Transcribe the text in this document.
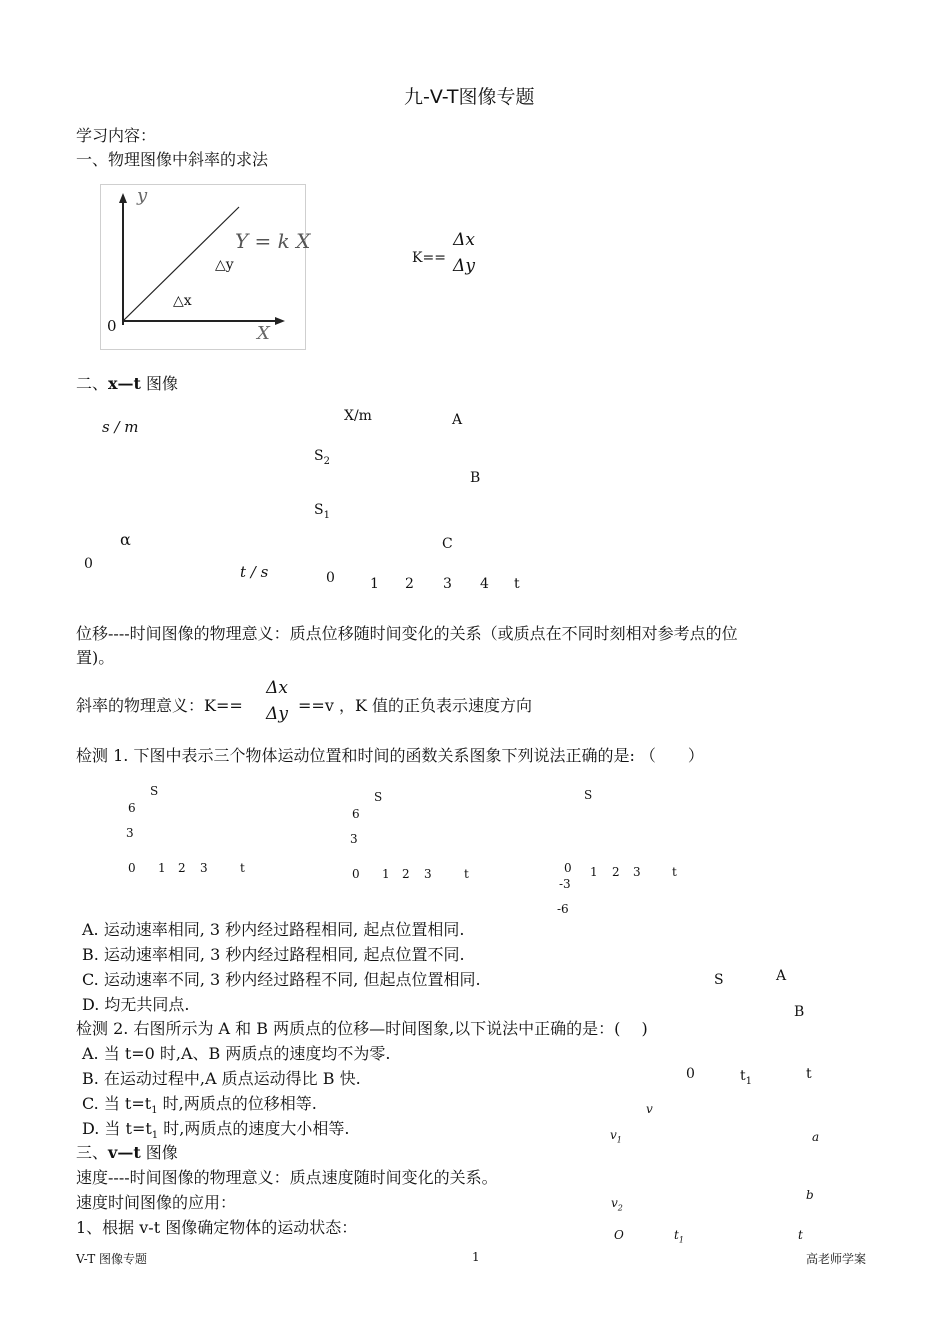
九-V-T图像专题
学习内容：
一、物理图像中斜率的求法
y
X
0
Y = k X
△y
△x
K==
Δx
Δy
二、x—t 图像
s / m
α
0	t / s
X/m	A
$S_2$
B
$S_1$
C
0	1 2 3 4 t
位移----时间图像的物理意义：质点位移随时间变化的关系（或质点在不同时刻相对参考点的位
置)。
斜率的物理意义：K==
Δx
Δy ==v ，K 值的正负表示速度方向
检测 1. 下图中表示三个物体运动位置和时间的函数关系图象下列说法正确的是: （　　）
S
6
3
0 1 2 3	t
S
6
3
0 1 2 3	t
S
0 1 2 3	t
-3
-6
A. 运动速率相同, 3 秒内经过路程相同, 起点位置相同.
B. 运动速率相同, 3 秒内经过路程相同, 起点位置不同.
C. 运动速率不同, 3 秒内经过路程不同, 但起点位置相同.
D. 均无共同点.
S	A
B
0	$t_1$	t
检测 2. 右图所示为 A 和 B 两质点的位移—时间图象,以下说法中正确的是：(　 )
A. 当 t=0 时,A、B 两质点的速度均不为零.
B. 在运动过程中,A 质点运动得比 B 快.
C. 当 $t=t_1$ 时,两质点的位移相等.
D. 当 $t=t_1$ 时,两质点的速度大小相等.
v
$v_1$	a
b
$v_2$
O	$t_1$	t
三、v—t 图像
速度----时间图像的物理意义：质点速度随时间变化的关系。
速度时间图像的应用：
1、根据 v-t 图像确定物体的运动状态：
V-T 图像专题	1	高老师学案
